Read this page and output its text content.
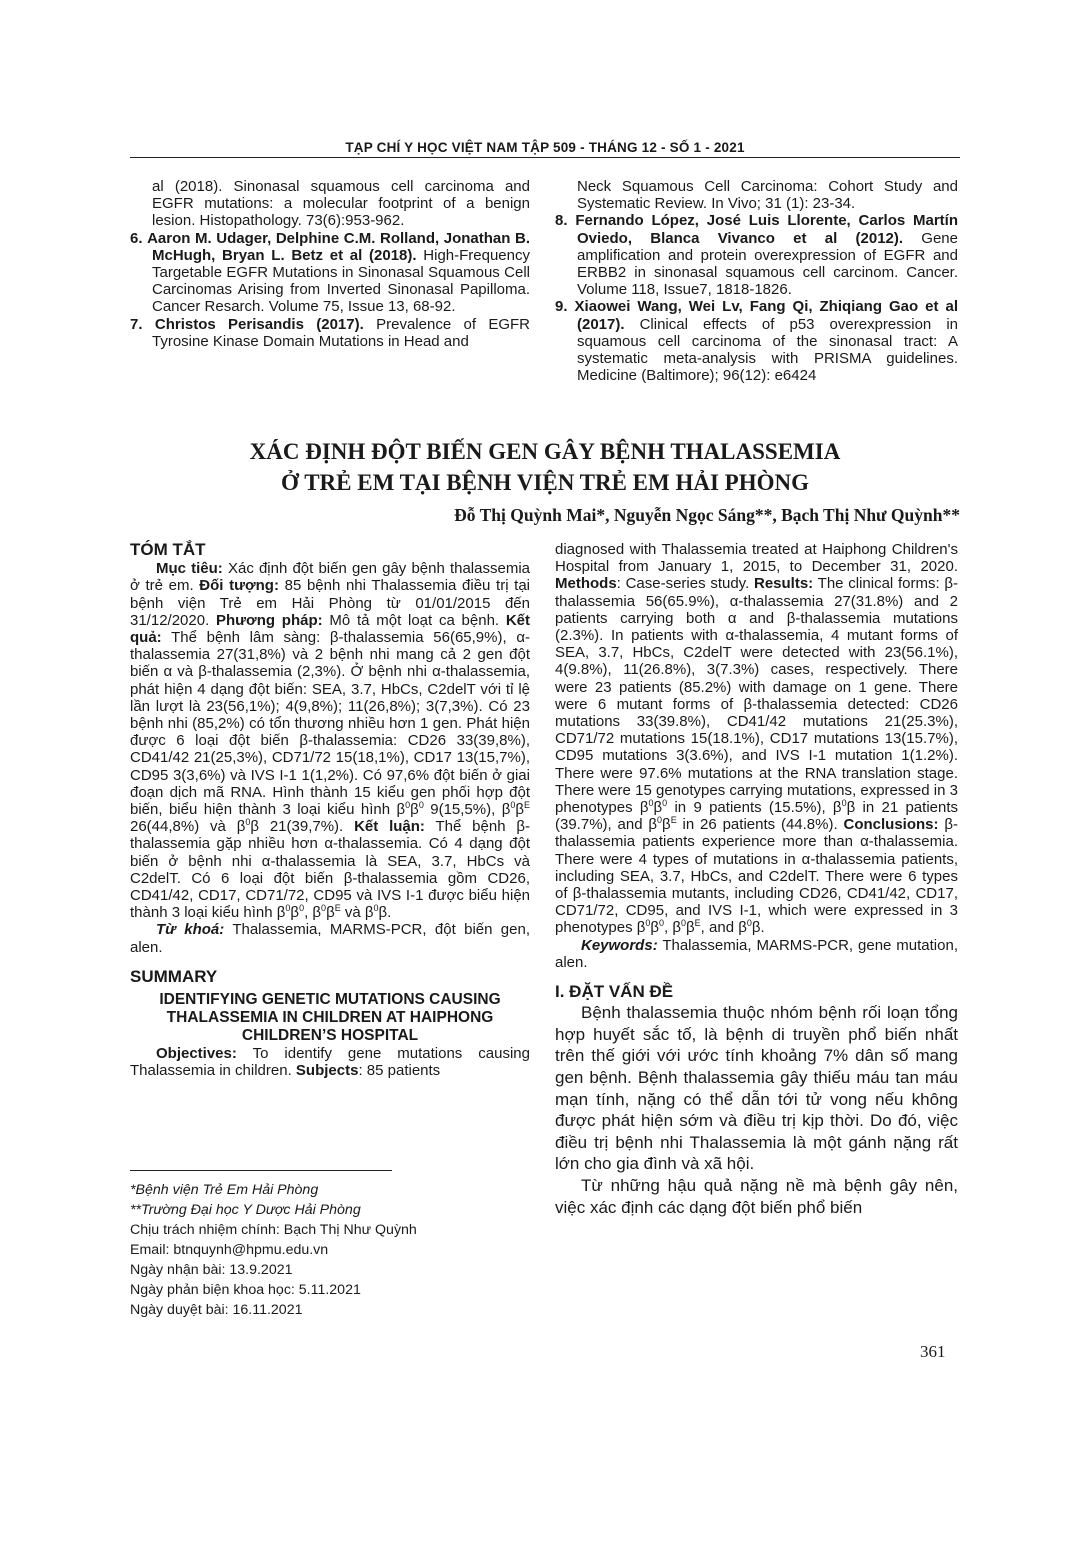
TẠP CHÍ Y HỌC VIỆT NAM TẬP 509 - THÁNG 12 - SỐ 1 - 2021

al (2018). Sinonasal squamous cell carcinoma and EGFR mutations: a molecular footprint of a benign lesion. Histopathology. 73(6):953-962.

6. Aaron M. Udager, Delphine C.M. Rolland, Jonathan B. McHugh, Bryan L. Betz et al (2018). High-Frequency Targetable EGFR Mutations in Sinonasal Squamous Cell Carcinomas Arising from Inverted Sinonasal Papilloma. Cancer Resarch. Volume 75, Issue 13, 68-92.

7. Christos Perisandis (2017). Prevalence of EGFR Tyrosine Kinase Domain Mutations in Head and

Neck Squamous Cell Carcinoma: Cohort Study and Systematic Review. In Vivo; 31 (1): 23-34.

8. Fernando López, José Luis Llorente, Carlos Martín Oviedo, Blanca Vivanco et al (2012). Gene amplification and protein overexpression of EGFR and ERBB2 in sinonasal squamous cell carcinom. Cancer. Volume 118, Issue7, 1818-1826.

9. Xiaowei Wang, Wei Lv, Fang Qi, Zhiqiang Gao et al (2017). Clinical effects of p53 overexpression in squamous cell carcinoma of the sinonasal tract: A systematic meta-analysis with PRISMA guidelines. Medicine (Baltimore); 96(12): e6424

XÁC ĐỊNH ĐỘT BIẾN GEN GÂY BỆNH THALASSEMIA
Ở TRẺ EM TẠI BỆNH VIỆN TRẺ EM HẢI PHÒNG
Đỗ Thị Quỳnh Mai*, Nguyễn Ngọc Sáng**, Bạch Thị Như Quỳnh**

TÓM TẮT

Mục tiêu: Xác định đột biến gen gây bệnh thalassemia ở trẻ em. Đối tượng: 85 bệnh nhi Thalassemia điều trị tại bệnh viện Trẻ em Hải Phòng từ 01/01/2015 đến 31/12/2020. Phương pháp: Mô tả một loạt ca bệnh. Kết quả: Thể bệnh lâm sàng: β-thalassemia 56(65,9%), α-thalassemia 27(31,8%) và 2 bệnh nhi mang cả 2 gen đột biến α và β-thalassemia (2,3%). Ở bệnh nhi α-thalassemia, phát hiện 4 dạng đột biến: SEA, 3.7, HbCs, C2delT với tỉ lệ lần lượt là 23(56,1%); 4(9,8%); 11(26,8%); 3(7,3%). Có 23 bệnh nhi (85,2%) có tổn thương nhiều hơn 1 gen. Phát hiện được 6 loại đột biến β-thalassemia: CD26 33(39,8%), CD41/42 21(25,3%), CD71/72 15(18,1%), CD17 13(15,7%), CD95 3(3,6%) và IVS I-1 1(1,2%). Có 97,6% đột biến ở giai đoạn dịch mã RNA. Hình thành 15 kiểu gen phối hợp đột biến, biểu hiện thành 3 loại kiểu hình $\beta^0\beta^0$ 9(15,5%), $\beta^0\beta^E$ 26(44,8%) và $\beta^0\beta$ 21(39,7%). Kết luận: Thể bệnh β-thalassemia gặp nhiều hơn α-thalassemia. Có 4 dạng đột biến ở bệnh nhi α-thalassemia là SEA, 3.7, HbCs và C2delT. Có 6 loại đột biến β-thalassemia gồm CD26, CD41/42, CD17, CD71/72, CD95 và IVS I-1 được biểu hiện thành 3 loại kiểu hình $\beta^0\beta^0$, $\beta^0\beta^E$ và $\beta^0\beta$.

Từ khoá: Thalassemia, MARMS-PCR, đột biến gen, alen.

SUMMARY

IDENTIFYING GENETIC MUTATIONS CAUSING THALASSEMIA IN CHILDREN AT HAIPHONG CHILDREN’S HOSPITAL

Objectives: To identify gene mutations causing Thalassemia in children. Subjects: 85 patients

diagnosed with Thalassemia treated at Haiphong Children's Hospital from January 1, 2015, to December 31, 2020. Methods: Case-series study. Results: The clinical forms: β-thalassemia 56(65.9%), α-thalassemia 27(31.8%) and 2 patients carrying both α and β-thalassemia mutations (2.3%). In patients with α-thalassemia, 4 mutant forms of SEA, 3.7, HbCs, C2delT were detected with 23(56.1%), 4(9.8%), 11(26.8%), 3(7.3%) cases, respectively. There were 23 patients (85.2%) with damage on 1 gene. There were 6 mutant forms of β-thalassemia detected: CD26 mutations 33(39.8%), CD41/42 mutations 21(25.3%), CD71/72 mutations 15(18.1%), CD17 mutations 13(15.7%), CD95 mutations 3(3.6%), and IVS I-1 mutation 1(1.2%). There were 97.6% mutations at the RNA translation stage. There were 15 genotypes carrying mutations, expressed in 3 phenotypes $\beta^0\beta^0$ in 9 patients (15.5%), $\beta^0\beta$ in 21 patients (39.7%), and $\beta^0\beta^E$ in 26 patients (44.8%). Conclusions: β-thalassemia patients experience more than α-thalassemia. There were 4 types of mutations in α-thalassemia patients, including SEA, 3.7, HbCs, and C2delT. There were 6 types of β-thalassemia mutants, including CD26, CD41/42, CD17, CD71/72, CD95, and IVS I-1, which were expressed in 3 phenotypes $\beta^0\beta^0$, $\beta^0\beta^E$, and $\beta^0\beta$.

Keywords: Thalassemia, MARMS-PCR, gene mutation, alen.

I. ĐẶT VẤN ĐỀ

Bệnh thalassemia thuộc nhóm bệnh rối loạn tổng hợp huyết sắc tố, là bệnh di truyền phổ biến nhất trên thế giới với ước tính khoảng 7% dân số mang gen bệnh. Bệnh thalassemia gây thiếu máu tan máu mạn tính, nặng có thể dẫn tới tử vong nếu không được phát hiện sớm và điều trị kịp thời. Do đó, việc điều trị bệnh nhi Thalassemia là một gánh nặng rất lớn cho gia đình và xã hội.

Từ những hậu quả nặng nề mà bệnh gây nên, việc xác định các dạng đột biến phổ biến

*Bệnh viện Trẻ Em Hải Phòng
**Trường Đại học Y Dược Hải Phòng
Chịu trách nhiệm chính: Bạch Thị Như Quỳnh
Email: btnquynh@hpmu.edu.vn
Ngày nhận bài: 13.9.2021
Ngày phản biện khoa học: 5.11.2021
Ngày duyệt bài: 16.11.2021
361
